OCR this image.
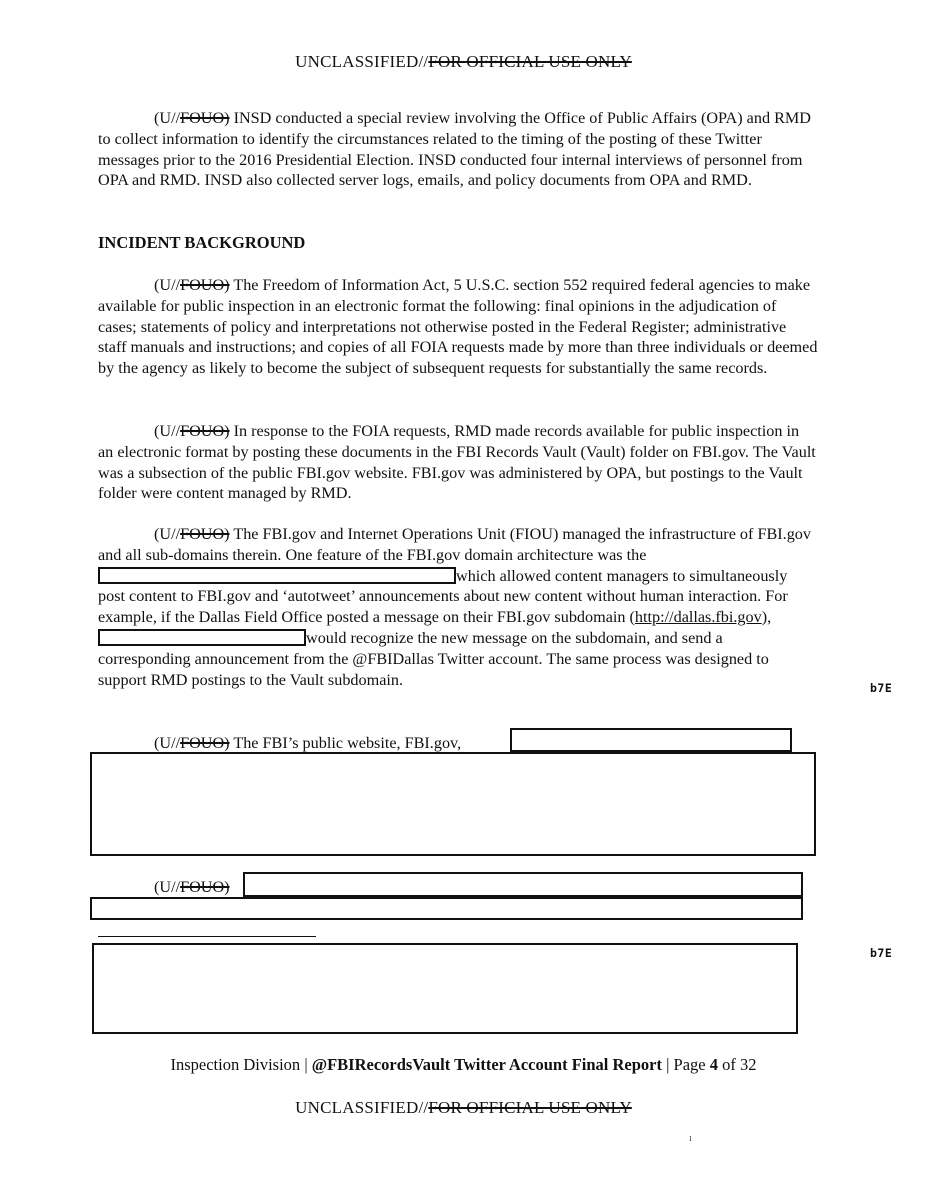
UNCLASSIFIED//FOR OFFICIAL USE ONLY

(U//FOUO) INSD conducted a special review involving the Office of Public Affairs (OPA) and RMD to collect information to identify the circumstances related to the timing of the posting of these Twitter messages prior to the 2016 Presidential Election. INSD conducted four internal interviews of personnel from OPA and RMD. INSD also collected server logs, emails, and policy documents from OPA and RMD.

INCIDENT BACKGROUND

(U//FOUO) The Freedom of Information Act, 5 U.S.C. section 552 required federal agencies to make available for public inspection in an electronic format the following: final opinions in the adjudication of cases; statements of policy and interpretations not otherwise posted in the Federal Register; administrative staff manuals and instructions; and copies of all FOIA requests made by more than three individuals or deemed by the agency as likely to become the subject of subsequent requests for substantially the same records.

(U//FOUO) In response to the FOIA requests, RMD made records available for public inspection in an electronic format by posting these documents in the FBI Records Vault (Vault) folder on FBI.gov. The Vault was a subsection of the public FBI.gov website. FBI.gov was administered by OPA, but postings to the Vault folder were content managed by RMD.

(U//FOUO) The FBI.gov and Internet Operations Unit (FIOU) managed the infrastructure of FBI.gov and all sub-domains therein. One feature of the FBI.gov domain architecture was thewhich allowed content managers to simultaneously post content to FBI.gov and ‘autotweet’ announcements about new content without human interaction. For example, if the Dallas Field Office posted a message on their FBI.gov subdomain (http://dallas.fbi.gov),would recognize the new message on the subdomain, and send a corresponding announcement from the @FBIDallas Twitter account. The same process was designed to support RMD postings to the Vault subdomain.	b7E
(U//FOUO) The FBI’s public website, FBI.gov,
(U//FOUO)
b7E
Inspection Division | @FBIRecordsVault Twitter Account Final Report | Page 4 of 32
UNCLASSIFIED//FOR OFFICIAL USE ONLY
ı
